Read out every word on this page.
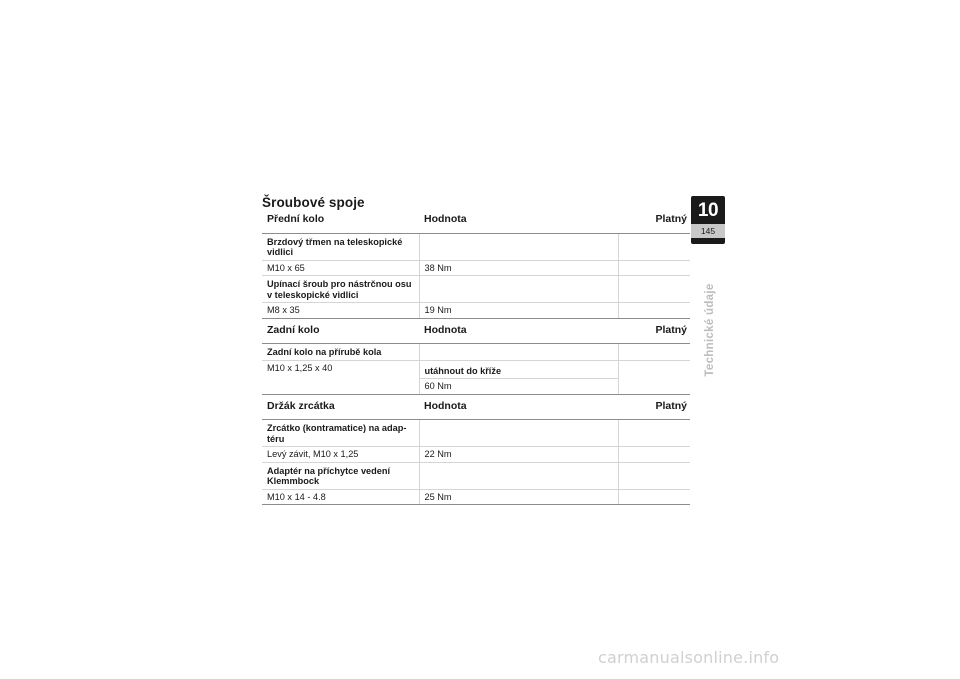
Šroubové spoje
Přední kolo	Hodnota	Platný
Brzdový třmen na teleskopické vidlici		
M10 x 65	38 Nm	
Upínací šroub pro nástrčnou osu v teleskopické vidlici		
M8 x 35	19 Nm	
Zadní kolo	Hodnota	Platný
Zadní kolo na přírubě kola		
M10 x 1,25 x 40	utáhnout do kříže	
	60 Nm	
Držák zrcátka	Hodnota	Platný
Zrcátko (kontramatice) na adap-téru		
Levý závit, M10 x 1,25	22 Nm	
Adaptér na příchytce vedení Klemmbock		
M10 x 14 - 4.8	25 Nm	
10
145
Technické údaje
carmanualsonline.info
